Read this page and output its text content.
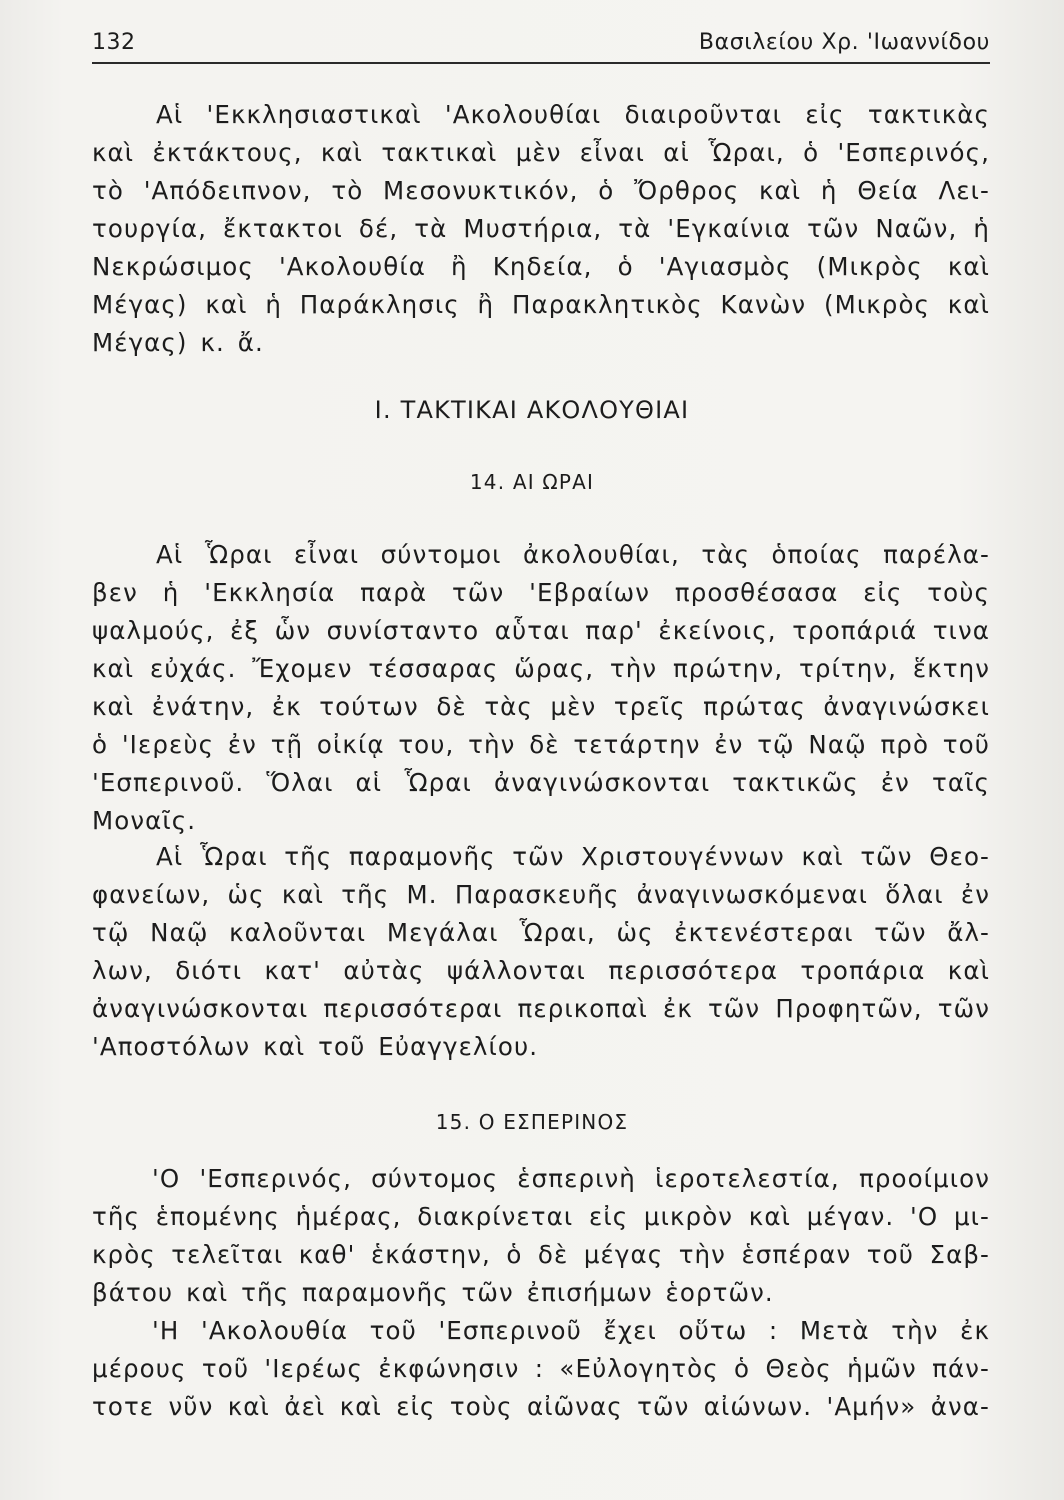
132	Βασιλείου Χρ. 'Ιωαννίδου
Αἱ 'Εκκλησιαστικαὶ 'Ακολουθίαι διαιροῦνται εἰς τακτικὰς
καὶ ἐκτάκτους, καὶ τακτικαὶ μὲν εἶναι αἱ Ὧραι, ὁ 'Εσπερινός,
τὸ 'Απόδειπνον, τὸ Μεσονυκτικόν, ὁ Ὄρθρος καὶ ἡ Θεία Λει-
τουργία, ἔκτακτοι δέ, τὰ Μυστήρια, τὰ 'Εγκαίνια τῶν Ναῶν, ἡ
Νεκρώσιμος 'Ακολουθία ἢ Κηδεία, ὁ 'Αγιασμὸς (Μικρὸς καὶ
Μέγας) καὶ ἡ Παράκλησις ἢ Παρακλητικὸς Κανὼν (Μικρὸς καὶ
Μέγας) κ. ἄ.
Ι. ΤΑΚΤΙΚΑΙ ΑΚΟΛΟΥΘΙΑΙ
14. ΑΙ ΩΡΑΙ
Αἱ Ὧραι εἶναι σύντομοι ἀκολουθίαι, τὰς ὁποίας παρέλα-
βεν ἡ 'Εκκλησία παρὰ τῶν 'Εβραίων προσθέσασα εἰς τοὺς
ψαλμούς, ἐξ ὧν συνίσταντο αὗται παρ' ἐκείνοις, τροπάριά τινα
καὶ εὐχάς. Ἔχομεν τέσσαρας ὥρας, τὴν πρώτην, τρίτην, ἕκτην
καὶ ἐνάτην, ἐκ τούτων δὲ τὰς μὲν τρεῖς πρώτας ἀναγινώσκει
ὁ 'Ιερεὺς ἐν τῇ οἰκίᾳ του, τὴν δὲ τετάρτην ἐν τῷ Ναῷ πρὸ τοῦ
'Εσπερινοῦ. Ὅλαι αἱ Ὧραι ἀναγινώσκονται τακτικῶς ἐν ταῖς
Μοναῖς.
Αἱ Ὧραι τῆς παραμονῆς τῶν Χριστουγέννων καὶ τῶν Θεο-
φανείων, ὡς καὶ τῆς Μ. Παρασκευῆς ἀναγινωσκόμεναι ὅλαι ἐν
τῷ Ναῷ καλοῦνται Μεγάλαι Ὧραι, ὡς ἐκτενέστεραι τῶν ἄλ-
λων, διότι κατ' αὐτὰς ψάλλονται περισσότερα τροπάρια καὶ
ἀναγινώσκονται περισσότεραι περικοπαὶ ἐκ τῶν Προφητῶν, τῶν
'Αποστόλων καὶ τοῦ Εὐαγγελίου.
15. Ο ΕΣΠΕΡΙΝΟΣ
'Ο 'Εσπερινός, σύντομος ἑσπερινὴ ἱεροτελεστία, προοίμιον
τῆς ἑπομένης ἡμέρας, διακρίνεται εἰς μικρὸν καὶ μέγαν. 'Ο μι-
κρὸς τελεῖται καθ' ἑκάστην, ὁ δὲ μέγας τὴν ἑσπέραν τοῦ Σαβ-
βάτου καὶ τῆς παραμονῆς τῶν ἐπισήμων ἑορτῶν.
'Η 'Ακολουθία τοῦ 'Εσπερινοῦ ἔχει οὕτω : Μετὰ τὴν ἐκ
μέρους τοῦ 'Ιερέως ἐκφώνησιν : «Εὐλογητὸς ὁ Θεὸς ἡμῶν πάν-
τοτε νῦν καὶ ἀεὶ καὶ εἰς τοὺς αἰῶνας τῶν αἰώνων. 'Αμήν» ἀνα-
